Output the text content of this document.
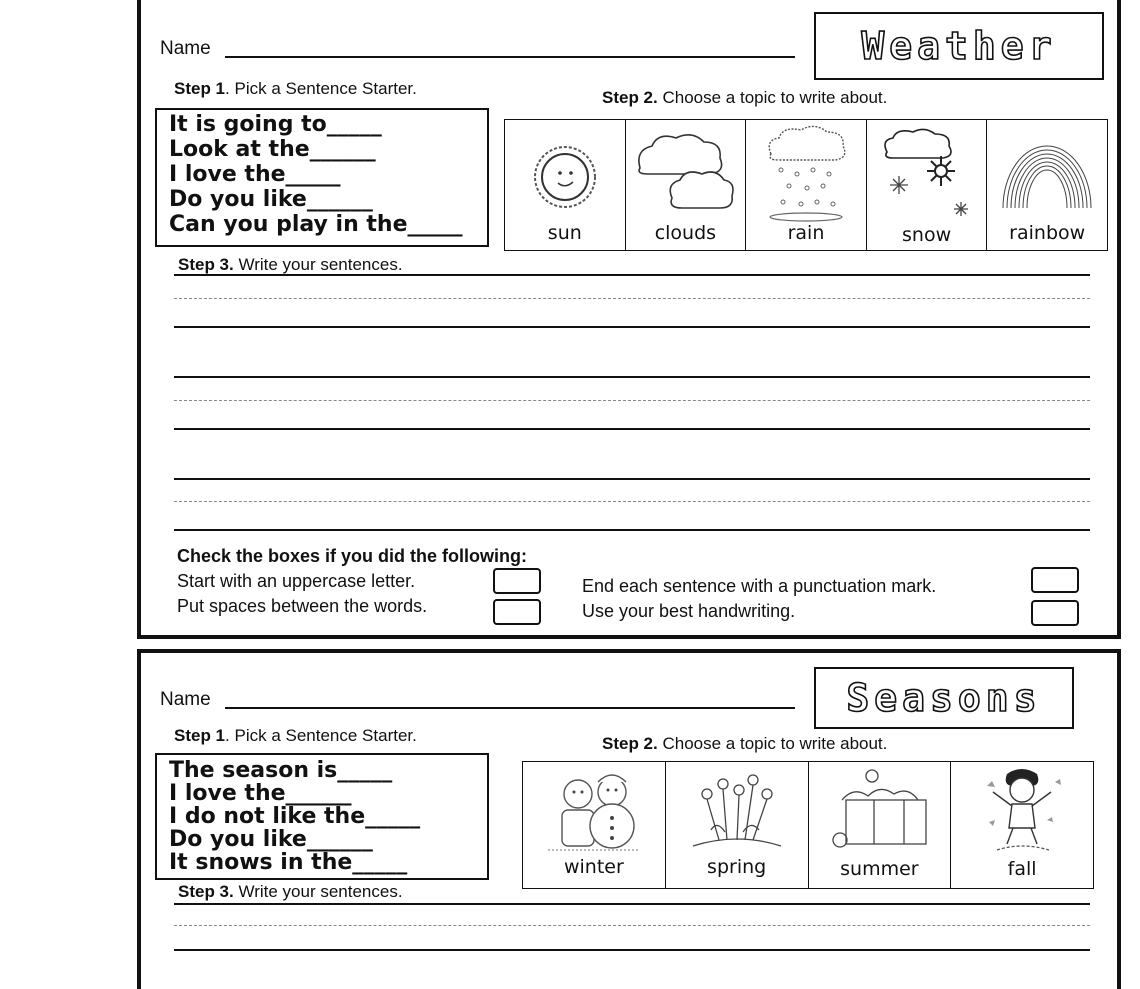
Name	Weather
Step 1. Pick a Sentence Starter.	Step 2. Choose a topic to write about.
It is going to_____
Look at the______
I love the_____
Do you like______
Can you play in the_____	sun	clouds	rain	snow	rainbow
Step 3. Write your sentences.
Check the boxes if you did the following:
Start with an uppercase letter.
Put spaces between the words.
End each sentence with a punctuation mark.
Use your best handwriting.
Name	Seasons
Step 1. Pick a Sentence Starter.	Step 2. Choose a topic to write about.
The season is_____
I love the______
I do not like the_____
Do you like______
It snows in the_____	winter	spring	summer	fall
Step 3. Write your sentences.
